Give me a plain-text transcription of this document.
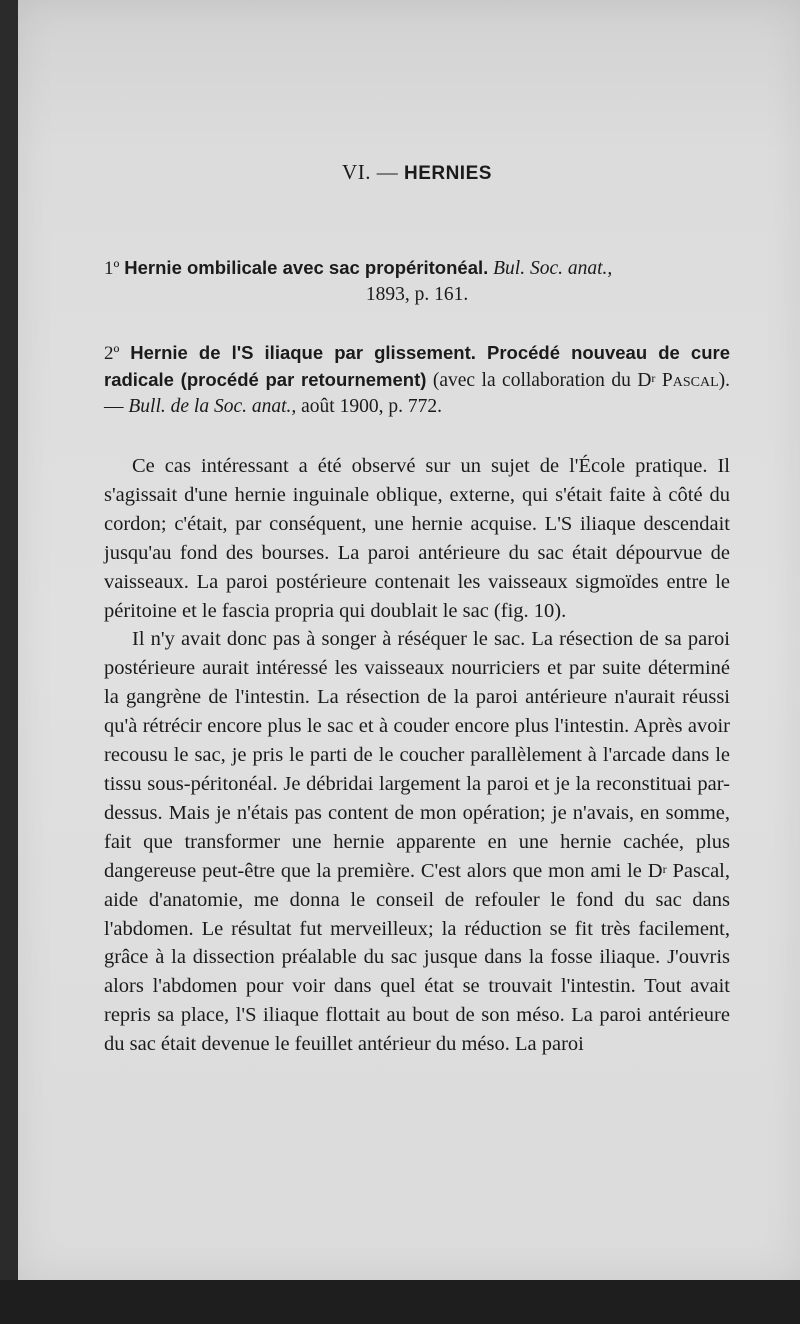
VI. — HERNIES
1º Hernie ombilicale avec sac propéritonéal. Bul. Soc. anat.,
1893, p. 161.
2º Hernie de l'S iliaque par glissement. Procédé nouveau de cure radicale (procédé par retournement) (avec la collaboration du $D^r$ Pascal). — Bull. de la Soc. anat., août 1900, p. 772.

Ce cas intéressant a été observé sur un sujet de l'École pratique. Il s'agissait d'une hernie inguinale oblique, externe, qui s'était faite à côté du cordon; c'était, par conséquent, une hernie acquise. L'S iliaque descendait jusqu'au fond des bourses. La paroi antérieure du sac était dépourvue de vaisseaux. La paroi postérieure contenait les vaisseaux sigmoïdes entre le péritoine et le fascia propria qui doublait le sac (fig. 10).

Il n'y avait donc pas à songer à réséquer le sac. La résection de sa paroi postérieure aurait intéressé les vaisseaux nourriciers et par suite déterminé la gangrène de l'intestin. La résection de la paroi antérieure n'aurait réussi qu'à rétrécir encore plus le sac et à couder encore plus l'intestin. Après avoir recousu le sac, je pris le parti de le coucher parallèlement à l'arcade dans le tissu sous-péritonéal. Je débridai largement la paroi et je la reconstituai par-dessus. Mais je n'étais pas content de mon opération; je n'avais, en somme, fait que transformer une hernie apparente en une hernie cachée, plus dangereuse peut-être que la première. C'est alors que mon ami le $D^r$ Pascal, aide d'anatomie, me donna le conseil de refouler le fond du sac dans l'abdomen. Le résultat fut merveilleux; la réduction se fit très facilement, grâce à la dissection préalable du sac jusque dans la fosse iliaque. J'ouvris alors l'abdomen pour voir dans quel état se trouvait l'intestin. Tout avait repris sa place, l'S iliaque flottait au bout de son méso. La paroi antérieure du sac était devenue le feuillet antérieur du méso. La paroi
